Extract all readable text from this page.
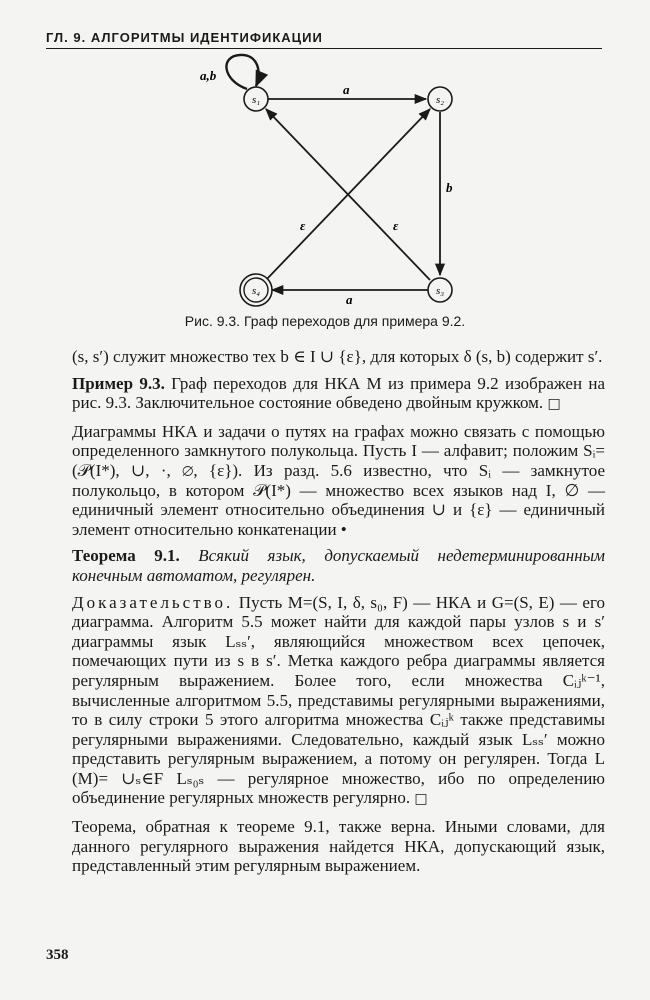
ГЛ. 9. АЛГОРИТМЫ ИДЕНТИФИКАЦИИ
s₁	s₂
s₃
s₄
a,b
a
b
a
ε	ε
Рис. 9.3. Граф переходов для примера 9.2.

(s, s′) служит множество тех b ∈ I ∪ {ε}, для которых δ (s, b) содержит s′.

Пример 9.3. Граф переходов для НКА M из примера 9.2 изображен на рис. 9.3. Заключительное состояние обведено двойным кружком. □

Диаграммы НКА и задачи о путях на графах можно связать с помощью определенного замкнутого полукольца. Пусть I — алфавит; положим Sᵢ=(𝒫(I*), ∪, ·, ∅, {ε}). Из разд. 5.6 известно, что Sᵢ — замкнутое полукольцо, в котором 𝒫(I*) — множество всех языков над I, ∅ — единичный элемент относительно объединения ∪ и {ε} — единичный элемент относительно конкатенации •

Теорема 9.1. Всякий язык, допускаемый недетерминированным конечным автоматом, регулярен.

Доказательство. Пусть M=(S, I, δ, s₀, F) — НКА и G=(S, E) — его диаграмма. Алгоритм 5.5 может найти для каждой пары узлов s и s′ диаграммы язык Lₛₛ′, являющийся множеством всех цепочек, помечающих пути из s в s′. Метка каждого ребра диаграммы является регулярным выражением. Более того, если множества Cᵢⱼᵏ⁻¹, вычисленные алгоритмом 5.5, представимы регулярными выражениями, то в силу строки 5 этого алгоритма множества Cᵢⱼᵏ также представимы регулярными выражениями. Следовательно, каждый язык Lₛₛ′ можно представить регулярным выражением, а потому он регулярен. Тогда L (M)= ∪ₛ∈F Lₛ₀ₛ — регулярное множество, ибо по определению объединение регулярных множеств регулярно. □

Теорема, обратная к теореме 9.1, также верна. Иными словами, для данного регулярного выражения найдется НКА, допускающий язык, представленный этим регулярным выражением.

358
